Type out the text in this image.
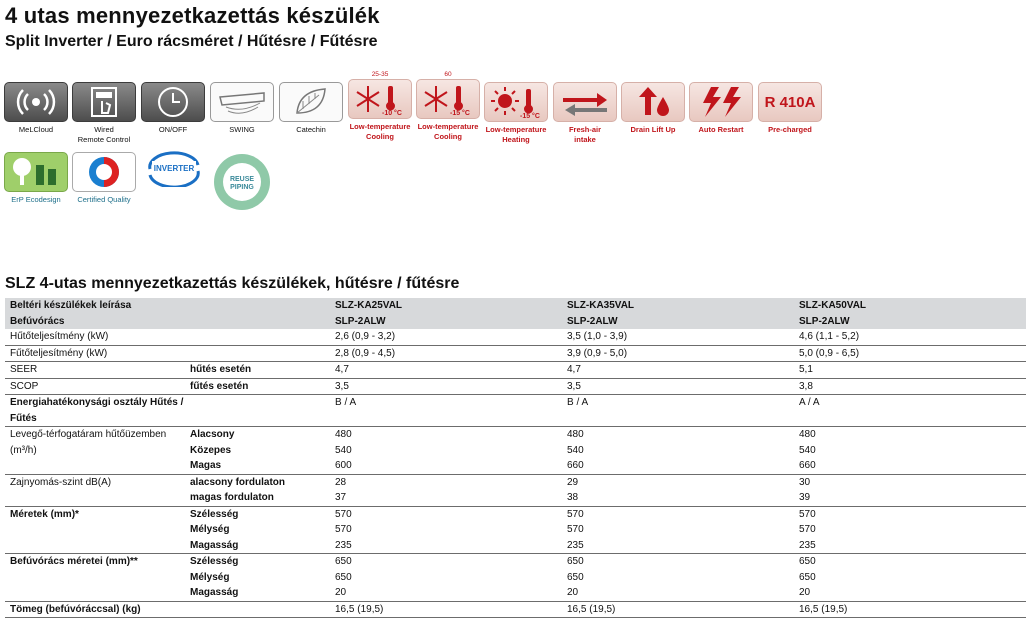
4 utas mennyezetkazettás készülék
Split Inverter / Euro rácsméret / Hűtésre / Fűtésre
MeLCloud	Wired
Remote Control
ON/OFF	SWING	Catechin
25-35
-10 °C
Low-temperature
Cooling
60
-15 °C
Low-temperature
Cooling
-15 °C
Low-temperature
Heating
Fresh-air
intake
Drain Lift Up	Auto Restart
R 410A
Pre-charged
ErP Ecodesign	Certified Quality
INVERTER
REUSE
PIPING
SLZ 4-utas mennyezetkazettás készülékek, hűtésre / fűtésre
Beltéri készülékek leírása		SLZ-KA25VAL	SLZ-KA35VAL	SLZ-KA50VAL
Befúvórács		SLP-2ALW	SLP-2ALW	SLP-2ALW
Hűtőteljesítmény (kW)		2,6 (0,9 - 3,2)	3,5 (1,0 - 3,9)	4,6 (1,1 - 5,2)
Fűtőteljesítmény (kW)		2,8 (0,9 - 4,5)	3,9 (0,9 - 5,0)	5,0 (0,9 - 6,5)
SEER	hűtés esetén	4,7	4,7	5,1
SCOP	fűtés esetén	3,5	3,5	3,8
Energiahatékonysági osztály Hűtés / Fűtés		B / A	B / A	A / A
Levegő-térfogatáram hűtőüzemben
(m³/h)	Alacsony	480	480	480
	Közepes	540	540	540
	Magas	600	660	660
Zajnyomás-szint dB(A)	alacsony fordulaton	28	29	30
	magas fordulaton	37	38	39
Méretek (mm)*	Szélesség	570	570	570
	Mélység	570	570	570
	Magasság	235	235	235
Befúvórács méretei (mm)**	Szélesség	650	650	650
	Mélység	650	650	650
	Magasság	20	20	20
Tömeg (befúvóráccsal) (kg)		16,5 (19,5)	16,5 (19,5)	16,5 (19,5)
